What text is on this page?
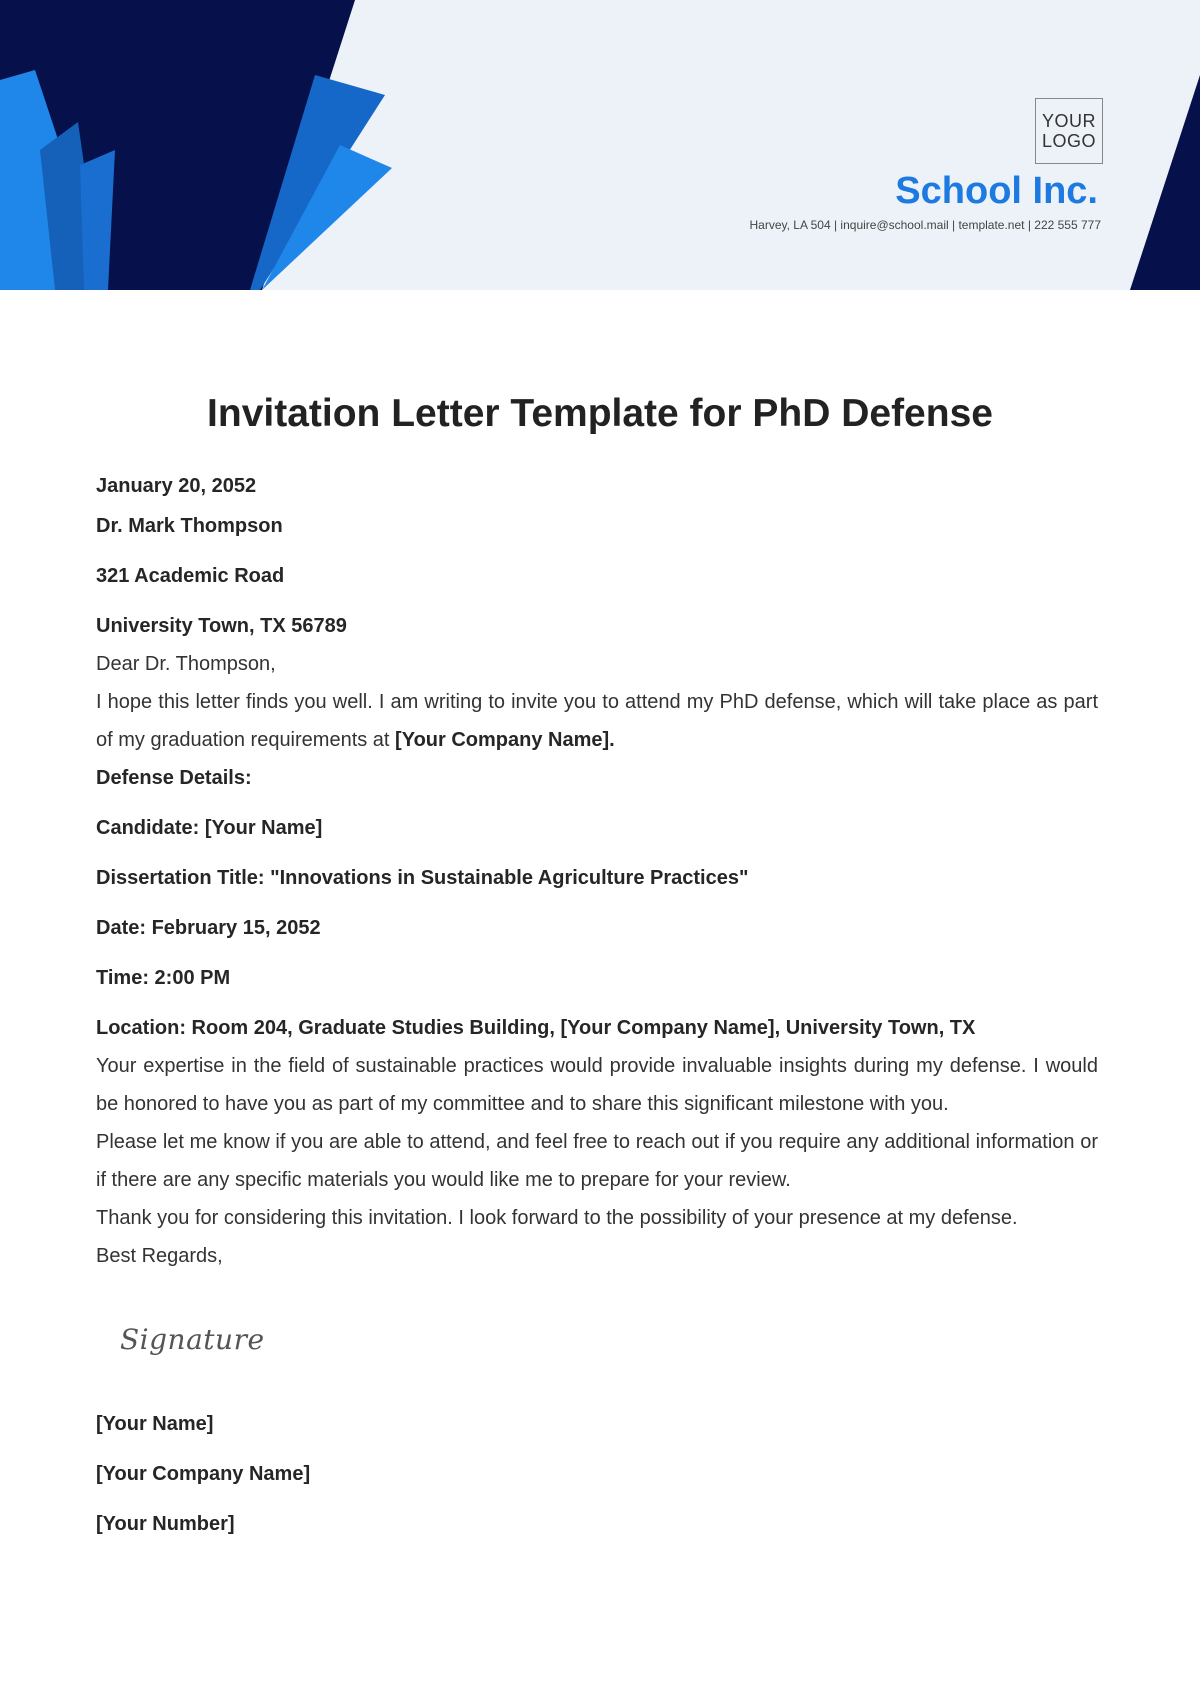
YOUR
LOGO
School Inc.
Harvey, LA 504 | inquire@school.mail | template.net | 222 555 777
Invitation Letter Template for PhD Defense

January 20, 2052

Dr. Mark Thompson

321 Academic Road

University Town, TX 56789

Dear Dr. Thompson,

I hope this letter finds you well. I am writing to invite you to attend my PhD defense, which will take place as part of my graduation requirements at [Your Company Name].

Defense Details:

Candidate: [Your Name]

Dissertation Title: "Innovations in Sustainable Agriculture Practices"

Date: February 15, 2052

Time: 2:00 PM

Location: Room 204, Graduate Studies Building, [Your Company Name], University Town, TX

Your expertise in the field of sustainable practices would provide invaluable insights during my defense. I would be honored to have you as part of my committee and to share this significant milestone with you.

Please let me know if you are able to attend, and feel free to reach out if you require any additional information or if there are any specific materials you would like me to prepare for your review.

Thank you for considering this invitation. I look forward to the possibility of your presence at my defense.

Best Regards,

Signature

[Your Name]

[Your Company Name]

[Your Number]
